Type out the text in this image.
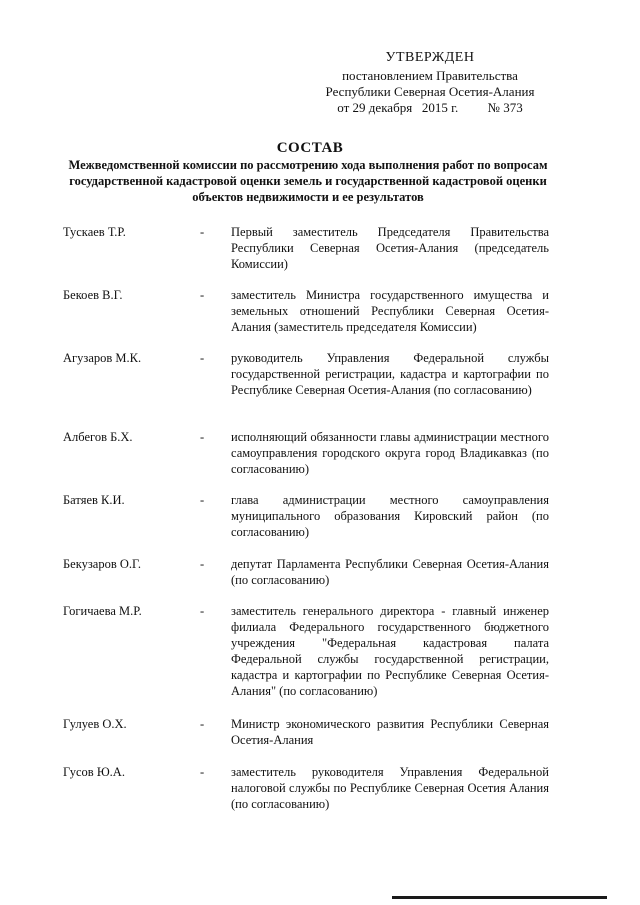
УТВЕРЖДЕН
постановлением Правительства
Республики Северная Осетия-Алания
от 29 декабря   2015 г.         № 373
СОСТАВ
Межведомственной комиссии по рассмотрению хода выполнения работ по вопросам государственной кадастровой оценки земель и государственной кадастровой оценки объектов недвижимости и ее результатов
Тускаев Т.Р.	- Первый заместитель Председателя Правительства Республики Северная Осетия-Алания (председатель Комиссии)
Бекоев В.Г.	- заместитель Министра государственного имущества и земельных отношений Республики Северная Осетия-Алания (заместитель председателя Комиссии)
Агузаров М.К.	- руководитель Управления Федеральной службы государственной регистрации, кадастра и картографии по Республике Северная Осетия-Алания (по согласованию)
Албегов Б.Х.	- исполняющий обязанности главы администрации местного самоуправления городского округа город Владикавказ (по согласованию)
Батяев К.И.	- глава администрации местного самоуправления муниципального образования Кировский район (по согласованию)
Бекузаров О.Г.	- депутат Парламента Республики Северная Осетия-Алания (по согласованию)
Гогичаева М.Р.	- заместитель генерального директора - главный инженер филиала Федерального государственного бюджетного учреждения "Федеральная кадастровая палата Федеральной службы государственной регистрации, кадастра и картографии по Республике Северная Осетия-Алания" (по согласованию)
Гулуев О.Х.	- Министр экономического развития Республики Северная Осетия-Алания
Гусов Ю.А.	- заместитель руководителя Управления Федеральной налоговой службы по Республике Северная Осетия Алания (по согласованию)
